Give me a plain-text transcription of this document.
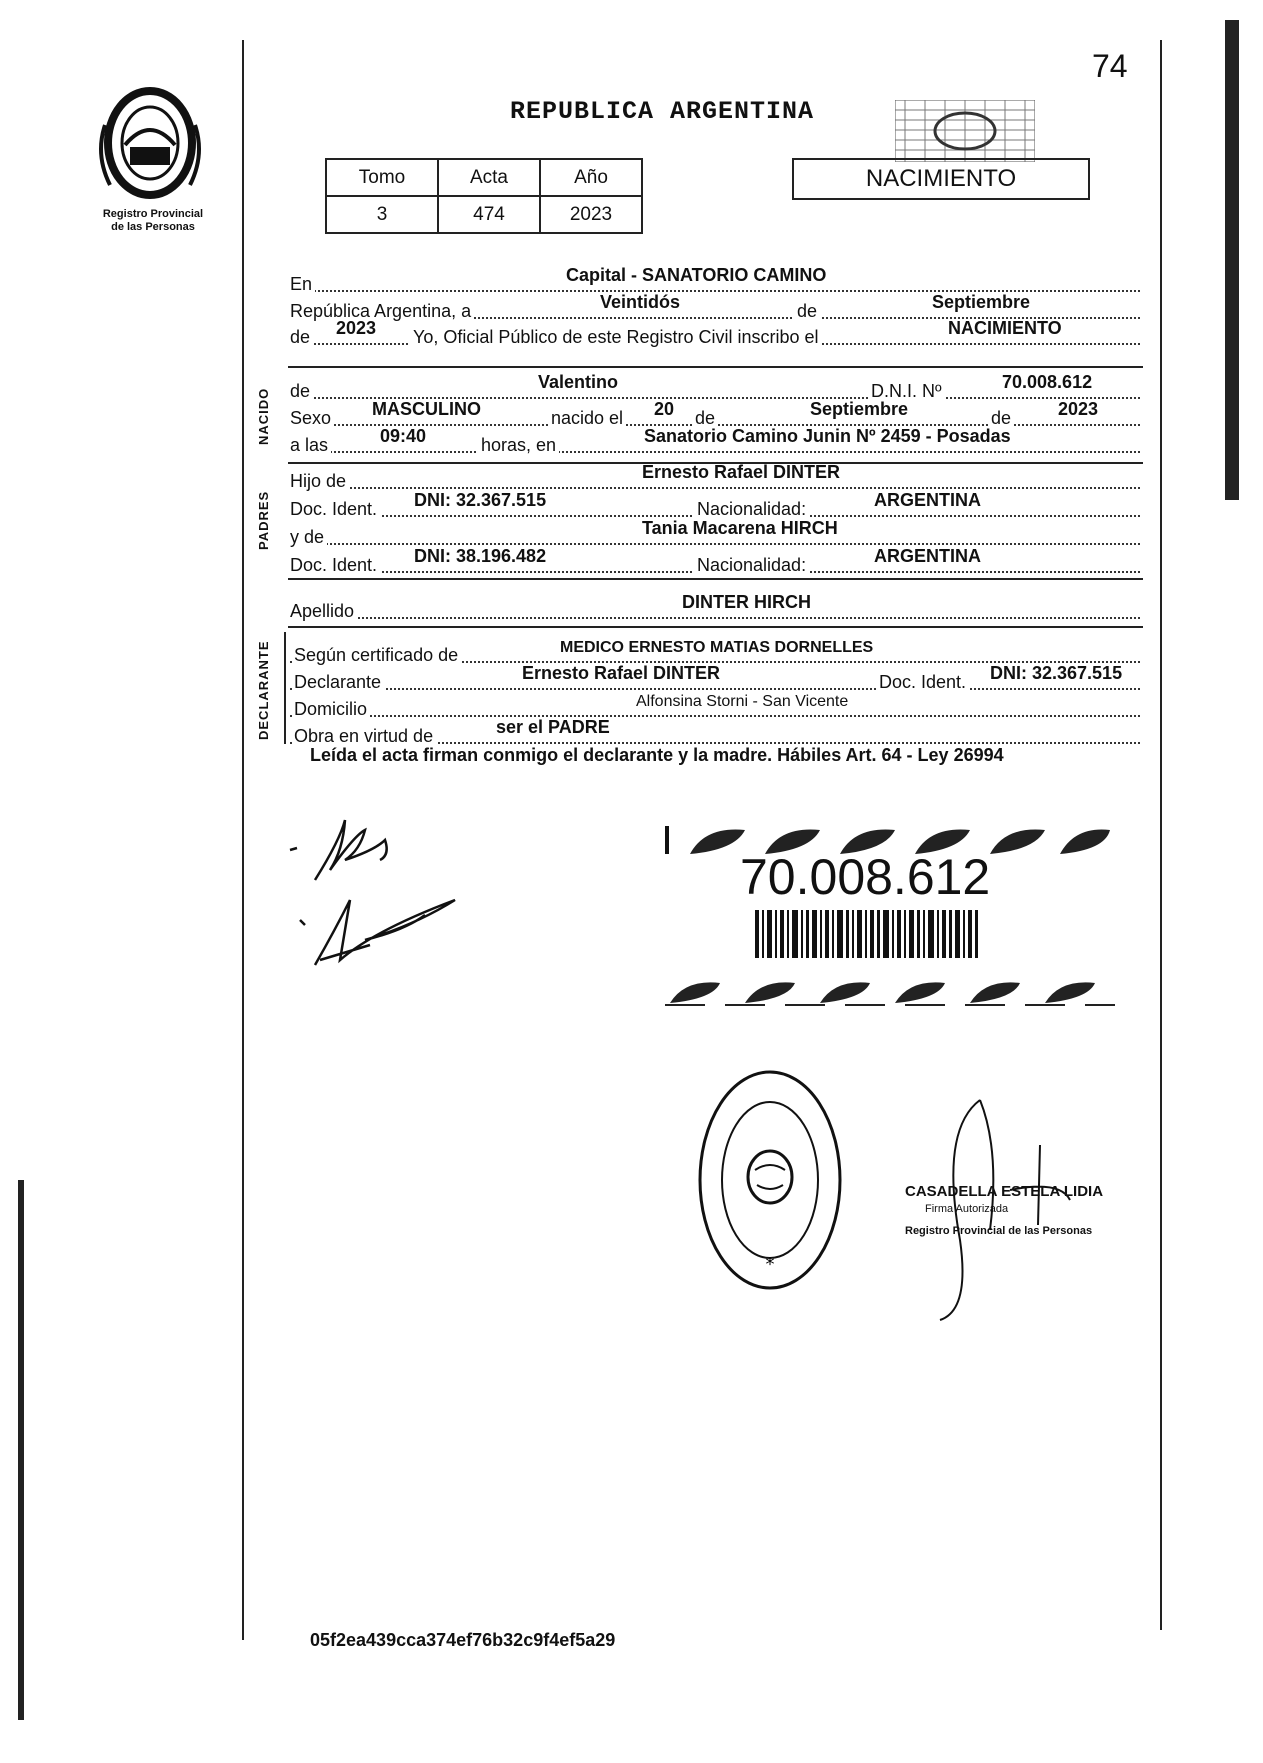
74
Registro Provincial
de las Personas
REPUBLICA ARGENTINA
Tomo	Acta	Año
3	474	2023
NACIMIENTO
En	Capital - SANATORIO CAMINO
República Argentina, a	Veintidós	de	Septiembre
de 2023 Yo, Oficial Público de este Registro Civil inscribo el	NACIMIENTO
NACIDO de	Valentino	D.N.I. Nº	70.008.612
Sexo MASCULINO	nacido el 20 de	Septiembre	de	2023
a las	09:40	horas, en	Sanatorio Camino Junin Nº 2459 - Posadas
PADRES
Hijo de	Ernesto Rafael DINTER
Doc. Ident. DNI: 32.367.515	Nacionalidad:	ARGENTINA
y de	Tania Macarena HIRCH
Doc. Ident. DNI: 38.196.482	Nacionalidad:	ARGENTINA
Apellido	DINTER HIRCH
DECLARANTE Según certificado de	MEDICO ERNESTO MATIAS DORNELLES
Declarante	Ernesto Rafael DINTER	Doc. Ident. DNI: 32.367.515
Domicilio	Alfonsina Storni - San Vicente
Obra en virtud de	ser el PADRE
Leída el acta firman conmigo el declarante y la madre. Hábiles Art. 64 - Ley 26994
70.008.612
*
CASADELLA ESTELA LIDIA
Firma Autorizada
Registro Provincial de las Personas
05f2ea439cca374ef76b32c9f4ef5a29
